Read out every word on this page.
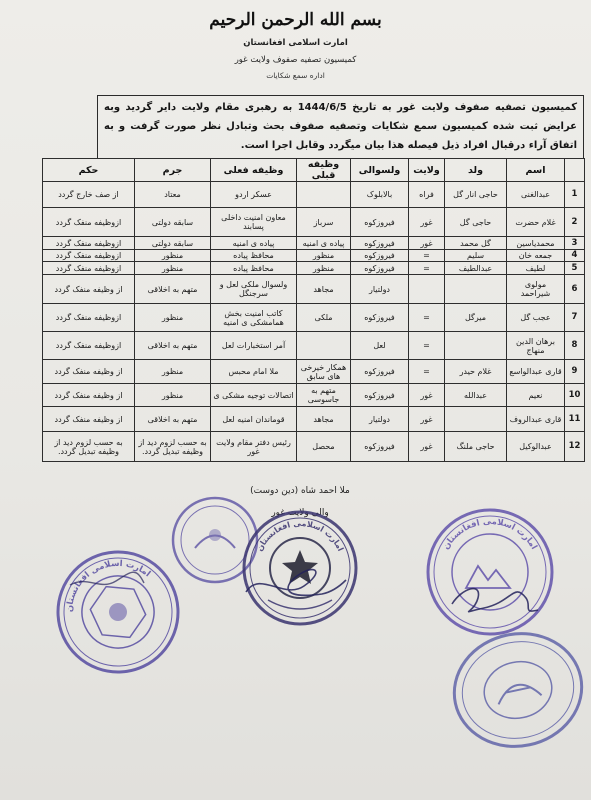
بسم الله الرحمن الرحيم
امارت اسلامی افغانستان
کمیسیون تصفیه صفوف ولایت غور
اداره سمع شکایات
کمیسیون تصفیه صفوف ولایت غور به تاریخ 1444/6/5 به رهبری مقام ولایت دایر گردید وبه عرایض ثبت شده کمیسیون سمع شکایات وتصفیه صفوف بحث وتبادل نظر صورت گرفت و به اتفاق آراء درقبال افراد ذیل فیصله هذا بیان میگردد وقابل اجرا است.
	اسم	ولد	ولایت	ولسوالی	وظیفه قبلی	وظیفه فعلی	جرم	حکم
1	عبدالغنی	حاجی انار گل	فراه	بالابلوک		عسکر اردو	معتاد	از صف خارج گردد
2	غلام حضرت	حاجی گل	غور	فیروزکوه	سرباز	معاون امنیت داخلی پسابند	سابقه دولتی	ازوظیفه منفک گردد
3	محمدیاسین	گل محمد	غور	فیروزکوه	پیاده ی امنیه	پیاده ی امنیه	سابقه دولتی	ازوظیفه منفک گردد
4	جمعه خان	سلیم	=	فیروزکوه	منظور	محافظ پیاده	منظور	ازوظیفه منفک گردد
5	لطیف	عبدالطیف	=	فیروزکوه	منظور	محافظ پیاده	منظور	ازوظیفه منفک گردد
6	مولوی شیراحمد			دولتیار	مجاهد	ولسوال ملکی لعل و سرجنگل	متهم به اخلاقی	از وظیفه منفک گردد
7	عجب گل	میرگل	=	فیروزکوه	ملکی	کاتب امنیت بخش همامشکی ی امنیه	منظور	ازوظیفه منفک گردد
8	برهان الدین منهاج		=	لعل		آمر استخبارات لعل	متهم به اخلاقی	ازوظیفه منفک گردد
9	قاری عبدالواسع	غلام حیدر	=	فیروزکوه	همکار خیرخی های سابق	ملا امام محبس	منظور	از وظیفه منفک گردد
10	نعیم	عبدالله	غور	فیروزکوه	متهم به جاسوسی	اتصالات توجیه مشکی ی	منظور	از وظیفه منفک گردد
11	قاری عبدالروف		غور	دولتیار	مجاهد	قوماندان امنیه لعل	متهم به اخلاقی	از وظیفه منفک گردد
12	عبدالوکیل	حاجی ملنگ	غور	فیروزکوه	محصل	رئیس دفتر مقام ولایت غور	به حسب لزوم دید از وظیفه تبدیل گردد.	به حسب لزوم دید از وظیفه تبدیل گردد.
ملا احمد شاه (دین دوست)
والی ولایت غور
امارت اسلامی افغانستان
امارت اسلامی افغانستان	امارت اسلامی افغانستان
